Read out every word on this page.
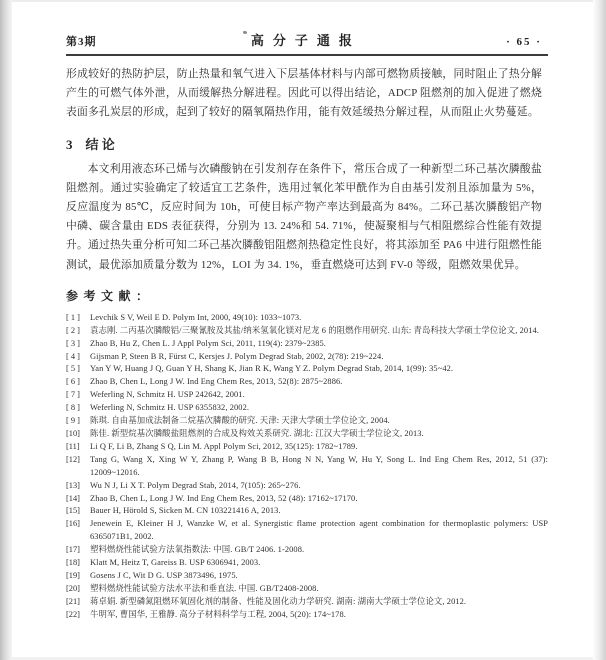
第3期	高分子通报	· 65 ·

形成较好的热防护层，防止热量和氧气进入下层基体材料与内部可燃物质接触，同时阻止了热分解产生的可燃气体外泄，从而缓解热分解进程。因此可以得出结论，ADCP 阻燃剂的加入促进了燃烧表面多孔炭层的形成，起到了较好的隔氧隔热作用，能有效延缓热分解过程，从而阻止火势蔓延。

3 结 论

本文利用液态环己烯与次磷酸钠在引发剂存在条件下，常压合成了一种新型二环己基次膦酸盐阻燃剂。通过实验确定了较适宜工艺条件，选用过氧化苯甲酰作为自由基引发剂且添加量为 5%，反应温度为 85℃，反应时间为 10h，可使目标产物产率达到最高为 84%。二环己基次膦酸铝产物中磷、碳含量由 EDS 表征获得，分别为 13. 24%和 54. 71%，使凝聚相与气相阻燃综合性能有效提升。通过热失重分析可知二环己基次膦酸铝阻燃剂热稳定性良好，将其添加至 PA6 中进行阻燃性能测试，最优添加质量分数为 12%，LOI 为 34. 1%，垂直燃烧可达到 FV-0 等级，阻燃效果优异。

参考文献：
[ 1 ]	Levchik S V, Weil E D. Polym Int, 2000, 49(10): 1033~1073.
[ 2 ]	袁志刚. 二丙基次膦酸铝/三聚氰胺及其盐/纳米氢氧化镁对尼龙 6 的阻燃作用研究. 山东: 青岛科技大学硕士学位论文, 2014.
[ 3 ]	Zhao B, Hu Z, Chen L. J Appl Polym Sci, 2011, 119(4): 2379~2385.
[ 4 ]	Gijsman P, Steen B R, Fürst C, Kersjes J. Polym Degrad Stab, 2002, 2(78): 219~224.
[ 5 ]	Yan Y W, Huang J Q, Guan Y H, Shang K, Jian R K, Wang Y Z. Polym Degrad Stab, 2014, 1(99): 35~42.
[ 6 ]	Zhao B, Chen L, Long J W. Ind Eng Chem Res, 2013, 52(8): 2875~2886.
[ 7 ]	Weferling N, Schmitz H. USP 242642, 2001.
[ 8 ]	Weferling N, Schmitz H. USP 6355832, 2002.
[ 9 ]	陈琪. 自由基加成法制备二烷基次膦酸的研究. 天津: 天津大学硕士学位论文, 2004.
[10]	陈佳. 新型烷基次膦酸盐阻燃剂的合成及构效关系研究. 湖北: 江汉大学硕士学位论文, 2013.
[11]	Li Q F, Li B, Zhang S Q, Lin M. Appl Polym Sci, 2012, 35(125): 1782~1789.
[12]	Tang G, Wang X, Xing W Y, Zhang P, Wang B B, Hong N N, Yang W, Hu Y, Song L. Ind Eng Chem Res, 2012, 51 (37): 12009~12016.
[13]	Wu N J, Li X T. Polym Degrad Stab, 2014, 7(105): 265~276.
[14]	Zhao B, Chen L, Long J W. Ind Eng Chem Res, 2013, 52 (48): 17162~17170.
[15]	Bauer H, Hörold S, Sicken M. CN 103221416 A, 2013.
[16]	Jenewein E, Kleiner H J, Wanzke W, et al. Synergistic flame protection agent combination for thermoplastic polymers: USP 6365071B1, 2002.
[17]	塑料燃烧性能试验方法氧指数法: 中国. GB/T 2406. 1-2008.
[18]	Klatt M, Heitz T, Gareiss B. USP 6306941, 2003.
[19]	Gosens J C, Wit D G. USP 3873496, 1975.
[20]	塑料燃烧性能试验方法水平法和垂直法. 中国. GB/T2408-2008.
[21]	蒋卓娟. 新型磷氮阻燃环氧固化剂的制备、性能及固化动力学研究. 湖南: 湖南大学硕士学位论文, 2012.
[22]	牛明军, 曹国华, 王雅静. 高分子材料科学与工程, 2004, 5(20): 174~178.
